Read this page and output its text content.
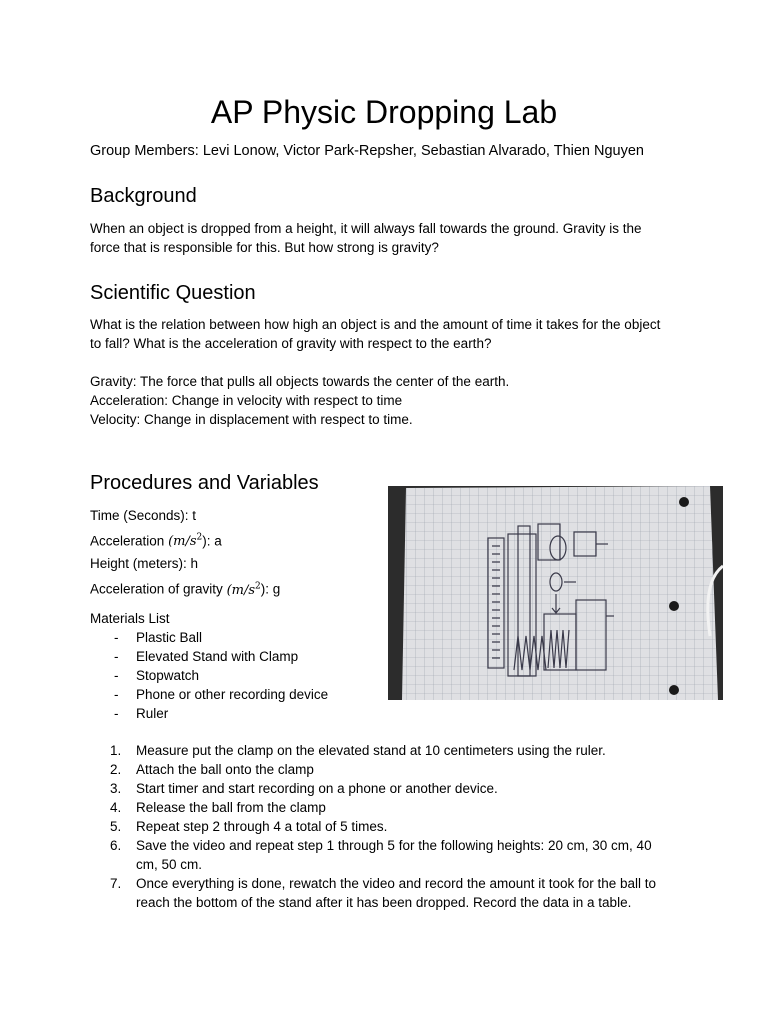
AP Physic Dropping Lab

Group Members: Levi Lonow, Victor Park-Repsher, Sebastian Alvarado, Thien Nguyen

Background
When an object is dropped from a height, it will always fall towards the ground. Gravity is the
force that is responsible for this. But how strong is gravity?
Scientific Question
What is the relation between how high an object is and the amount of time it takes for the object
to fall? What is the acceleration of gravity with respect to the earth?
Gravity: The force that pulls all objects towards the center of the earth.
Acceleration: Change in velocity with respect to time
Velocity: Change in displacement with respect to time.
Procedures and Variables
Time (Seconds): t
Acceleration $(m/s^2)$: a
Height (meters): h
Acceleration of gravity $(m/s^2)$: g

Materials List

- Plastic Ball
- Elevated Stand with Clamp
- Stopwatch
- Phone or other recording device
- Ruler
1. Measure put the clamp on the elevated stand at 10 centimeters using the ruler.
2. Attach the ball onto the clamp
3. Start timer and start recording on a phone or another device.
4. Release the ball from the clamp
5. Repeat step 2 through 4 a total of 5 times.
6. Save the video and repeat step 1 through 5 for the following heights: 20 cm, 30 cm, 40
cm, 50 cm.
7. Once everything is done, rewatch the video and record the amount it took for the ball to
reach the bottom of the stand after it has been dropped. Record the data in a table.
